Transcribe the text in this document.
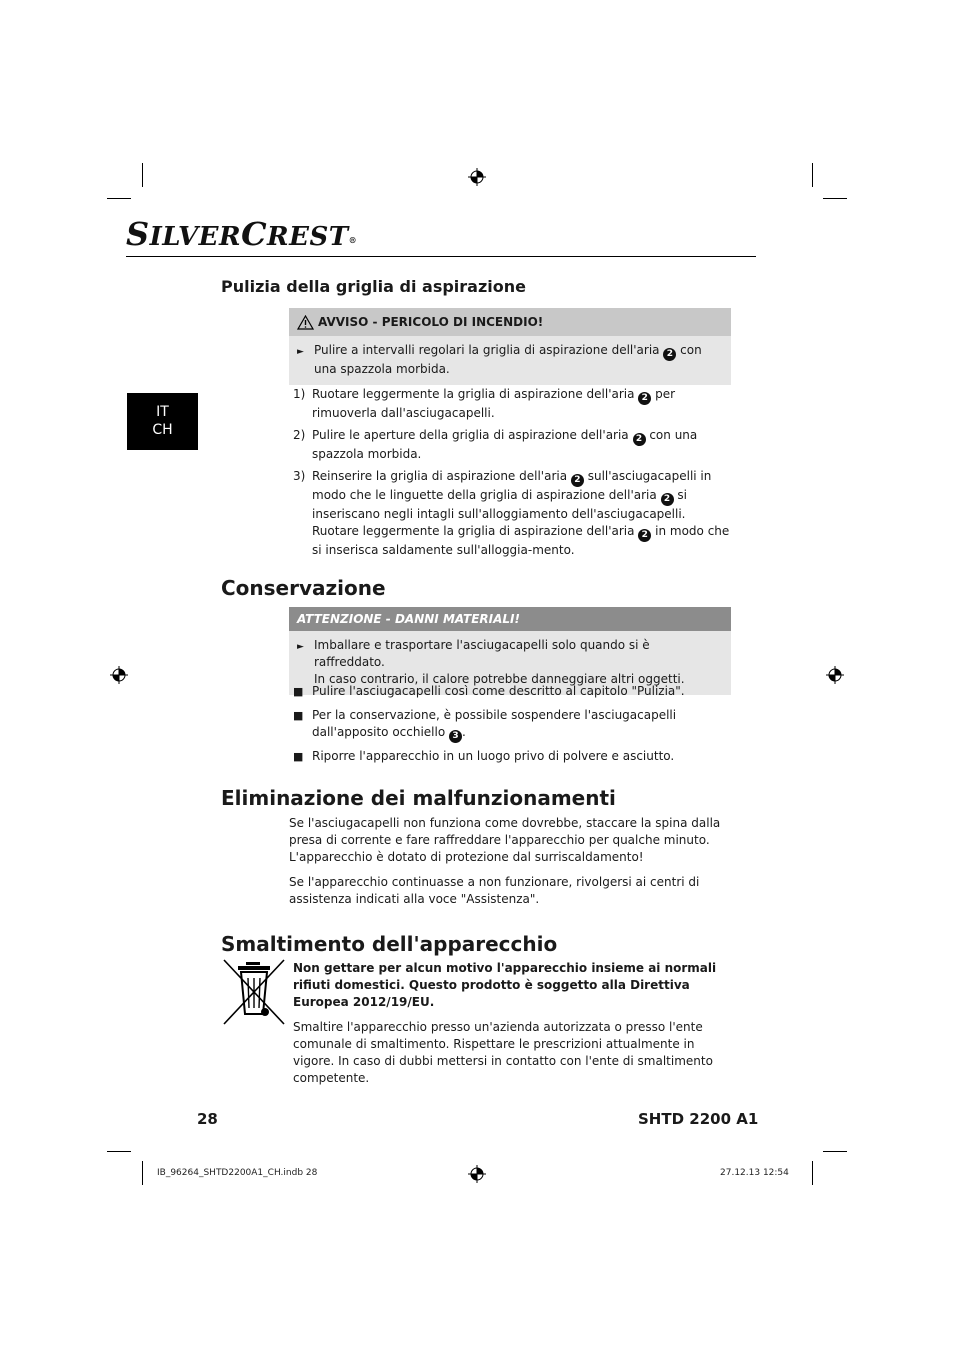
SILVERCREST®
IT
CH
Pulizia della griglia di aspirazione
AVVISO - PERICOLO DI INCENDIO!
► Pulire a intervalli regolari la griglia di aspirazione dell'aria 2 con una spazzola morbida.
1) Ruotare leggermente la griglia di aspirazione dell'aria 2 per rimuoverla dall'asciugacapelli.
2) Pulire le aperture della griglia di aspirazione dell'aria 2 con una spazzola morbida.
3) Reinserire la griglia di aspirazione dell'aria 2 sull'asciugacapelli in modo che le linguette della griglia di aspirazione dell'aria 2 si inseriscano negli intagli sull'alloggiamento dell'asciugacapelli. Ruotare leggermente la griglia di aspirazione dell'aria 2 in modo che si inserisca saldamente sull'alloggia-mento.
Conservazione
ATTENZIONE - DANNI MATERIALI!
► Imballare e trasportare l'asciugacapelli solo quando si è raffreddato.
In caso contrario, il calore potrebbe danneggiare altri oggetti.
■ Pulire l'asciugacapelli così come descritto al capitolo "Pulizia".
■ Per la conservazione, è possibile sospendere l'asciugacapelli dall'apposito occhiello 3 .
■ Riporre l'apparecchio in un luogo privo di polvere e asciutto.
Eliminazione dei malfunzionamenti
Se l'asciugacapelli non funziona come dovrebbe, staccare la spina dalla presa di corrente e fare raffreddare l'apparecchio per qualche minuto. L'apparecchio è dotato di protezione dal surriscaldamento!
Se l'apparecchio continuasse a non funzionare, rivolgersi ai centri di assistenza indicati alla voce "Assistenza".
Smaltimento dell'apparecchio
Non gettare per alcun motivo l'apparecchio insieme ai normali rifiuti domestici. Questo prodotto è soggetto alla Direttiva Europea 2012/19/EU.
Smaltire l'apparecchio presso un'azienda autorizzata o presso l'ente comunale di smaltimento. Rispettare le prescrizioni attualmente in vigore. In caso di dubbi mettersi in contatto con l'ente di smaltimento competente.
28	SHTD 2200 A1
IB_96264_SHTD2200A1_CH.indb 28	27.12.13 12:54
